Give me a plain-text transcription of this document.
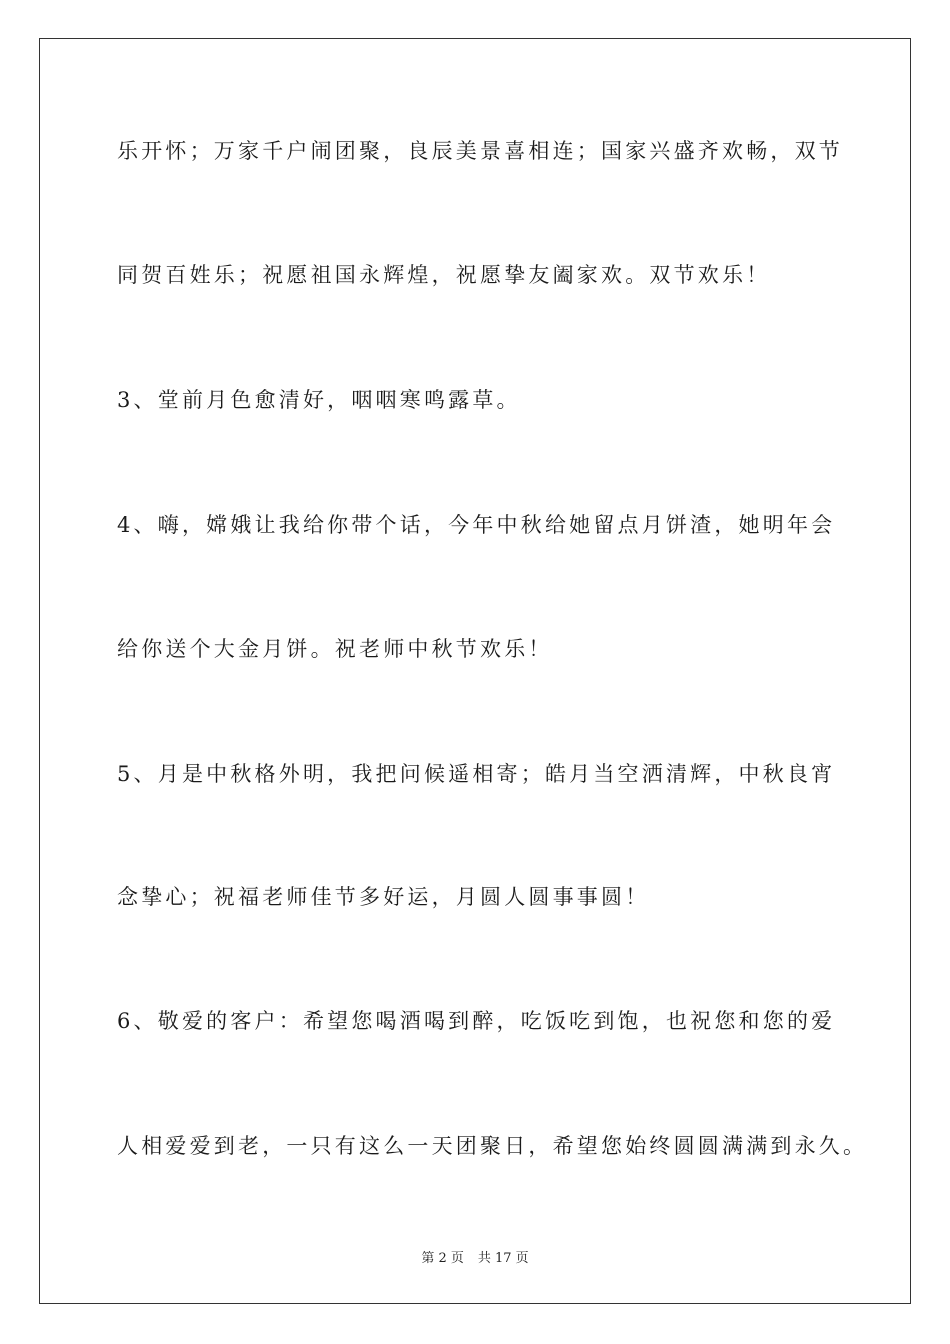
乐开怀；万家千户闹团聚，良辰美景喜相连；国家兴盛齐欢畅，双节
同贺百姓乐；祝愿祖国永辉煌，祝愿挚友阖家欢。双节欢乐！
3、堂前月色愈清好，咽咽寒鸣露草。
4、嗨，嫦娥让我给你带个话，今年中秋给她留点月饼渣，她明年会
给你送个大金月饼。祝老师中秋节欢乐！
5、月是中秋格外明，我把问候遥相寄；皓月当空洒清辉，中秋良宵
念挚心；祝福老师佳节多好运，月圆人圆事事圆！
6、敬爱的客户：希望您喝酒喝到醉，吃饭吃到饱，也祝您和您的爱
人相爱爱到老，一只有这么一天团聚日，希望您始终圆圆满满到永久。
第 2 页 共 17 页
